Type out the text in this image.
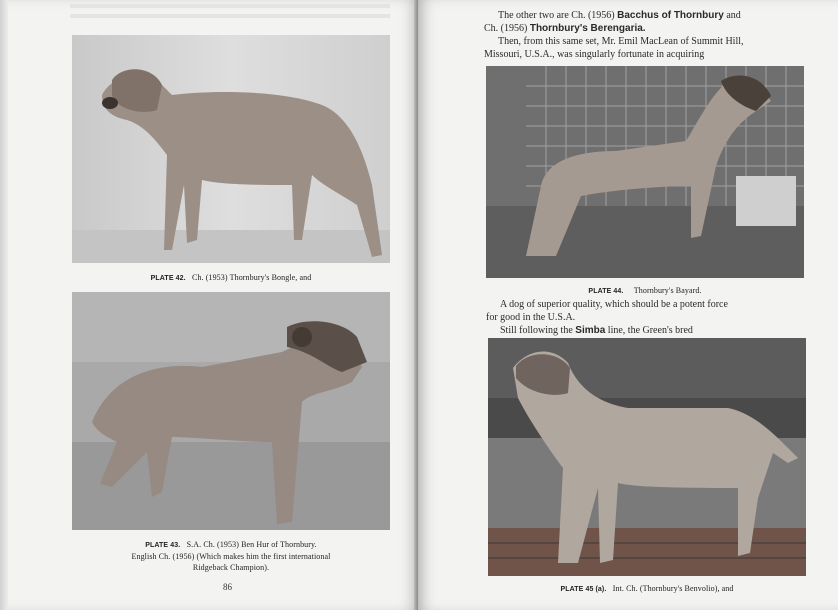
PLATE 42. Ch. (1953) Thornbury's Bongle, and
PLATE 43. S.A. Ch. (1953) Ben Hur of Thornbury.
English Ch. (1956) (Which makes him the first international
Ridgeback Champion).
86

The other two are Ch. (1956) Bacchus of Thornbury and

Ch. (1956) Thornbury's Berengaria.

Then, from this same set, Mr. Emil MacLean of Summit Hill,

Missouri, U.S.A., was singularly fortunate in acquiring

PLATE 44. Thornbury's Bayard.

A dog of superior quality, which should be a potent force

for good in the U.S.A.

Still following the Simba line, the Green's bred

PLATE 45 (a). Int. Ch. (Thornbury's Benvolio), and
